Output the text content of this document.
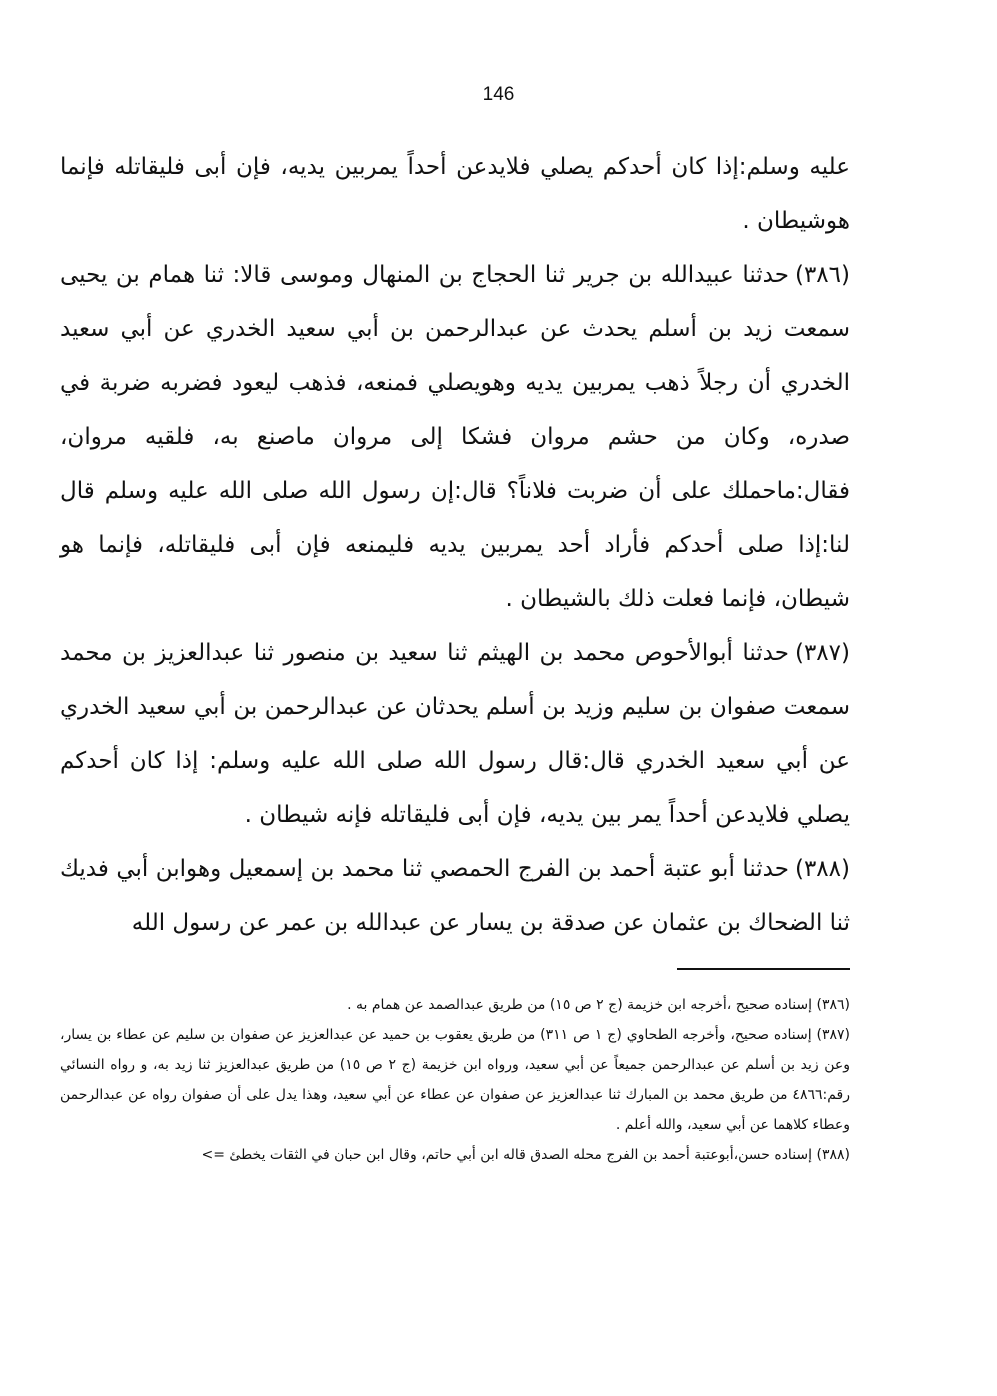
146

عليه وسلم:إذا كان أحدكم يصلي فلايدعن أحداً يمربين يديه، فإن أبى فليقاتله فإنما هوشيطان .

(٣٨٦)حدثنا عبيدالله بن جرير ثنا الحجاج بن المنهال وموسى قالا: ثنا همام بن يحيى سمعت زيد بن أسلم يحدث عن عبدالرحمن بن أبي سعيد الخدري عن أبي سعيد الخدري أن رجلاً ذهب يمربين يديه وهويصلي فمنعه، فذهب ليعود فضربه ضربة في صدره، وكان من حشم مروان فشكا إلى مروان ماصنع به، فلقيه مروان، فقال:ماحملك على أن ضربت فلاناً؟ قال:إن رسول الله صلى الله عليه وسلم قال لنا:إذا صلى أحدكم فأراد أحد يمربين يديه فليمنعه فإن أبى فليقاتله، فإنما هو شيطان، فإنما فعلت ذلك بالشيطان .

(٣٨٧)حدثنا أبوالأحوص محمد بن الهيثم ثنا سعيد بن منصور ثنا عبدالعزيز بن محمد سمعت صفوان بن سليم وزيد بن أسلم يحدثان عن عبدالرحمن بن أبي سعيد الخدري عن أبي سعيد الخدري قال:قال رسول الله صلى الله عليه وسلم: إذا كان أحدكم يصلي فلايدعن أحداً يمر بين يديه، فإن أبى فليقاتله فإنه شيطان .

(٣٨٨)حدثنا أبو عتبة أحمد بن الفرج الحمصي ثنا محمد بن إسمعيل وهوابن أبي فديك ثنا الضحاك بن عثمان عن صدقة بن يسار عن عبدالله بن عمر عن رسول الله

(٣٨٦) إسناده صحيح ،أخرجه ابن خزيمة (ج ٢ ص ١٥) من طريق عبدالصمد عن همام به .

(٣٨٧) إسناده صحيح، وأخرجه الطحاوي (ج ١ ص ٣١١) من طريق يعقوب بن حميد عن عبدالعزيز عن صفوان بن سليم عن عطاء بن يسار، وعن زيد بن أسلم عن عبدالرحمن جميعاً عن أبي سعيد، ورواه ابن خزيمة (ج ٢ ص ١٥) من طريق عبدالعزيز ثنا زيد به، و رواه النسائي رقم:٤٨٦٦ من طريق محمد بن المبارك ثنا عبدالعزيز عن صفوان عن عطاء عن أبي سعيد، وهذا يدل على أن صفوان رواه عن عبدالرحمن وعطاء كلاهما عن أبي سعيد، والله أعلم .

(٣٨٨) إسناده حسن،أبوعتبة أحمد بن الفرج محله الصدق قاله ابن أبي حاتم، وقال ابن حبان في الثقات يخطئ =>
